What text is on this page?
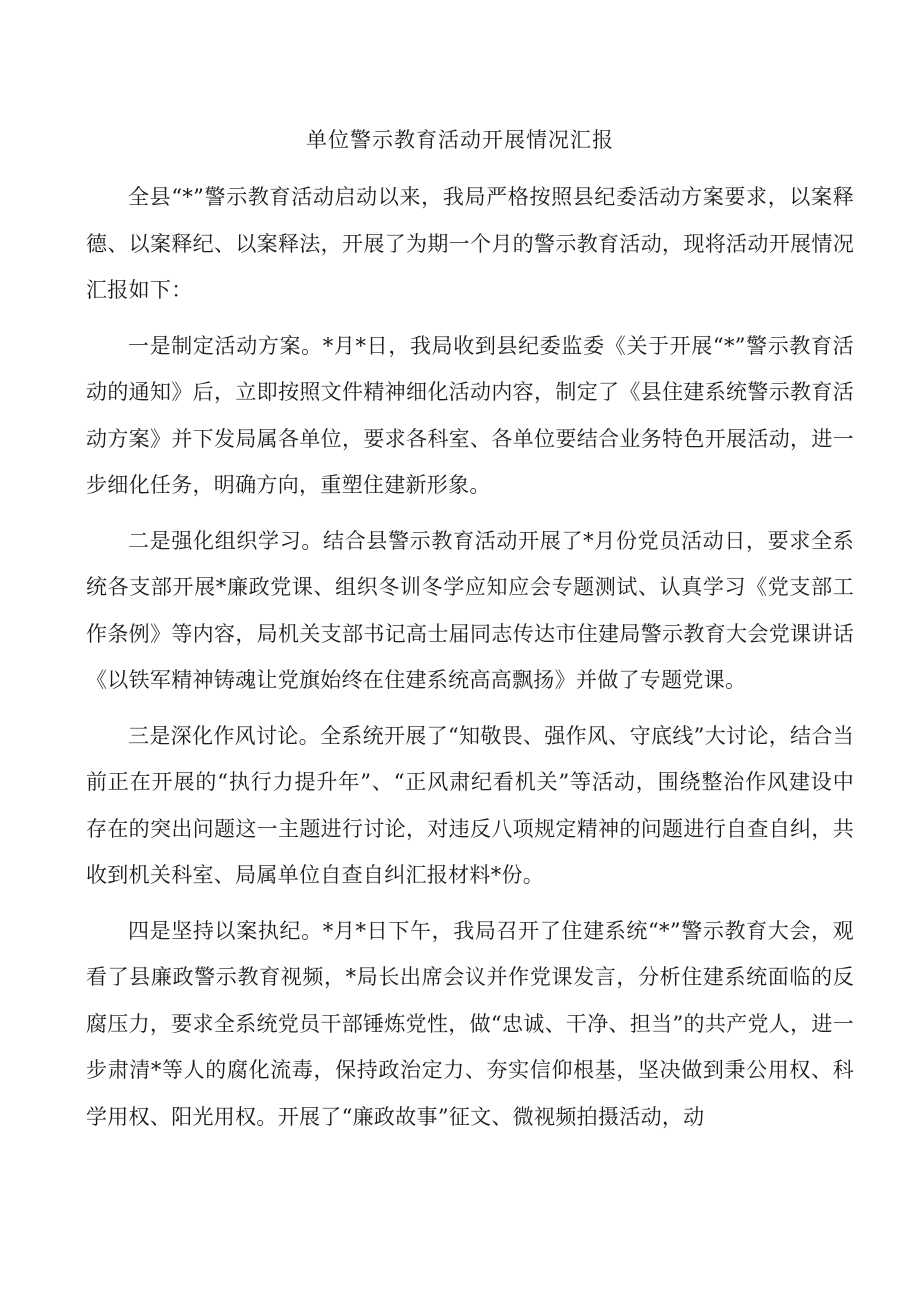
单位警示教育活动开展情况汇报

全县“*”警示教育活动启动以来，我局严格按照县纪委活动方案要求，以案释德、以案释纪、以案释法，开展了为期一个月的警示教育活动，现将活动开展情况汇报如下：

一是制定活动方案。*月*日，我局收到县纪委监委《关于开展“*”警示教育活动的通知》后，立即按照文件精神细化活动内容，制定了《县住建系统警示教育活动方案》并下发局属各单位，要求各科室、各单位要结合业务特色开展活动，进一步细化任务，明确方向，重塑住建新形象。

二是强化组织学习。结合县警示教育活动开展了*月份党员活动日，要求全系统各支部开展*廉政党课、组织冬训冬学应知应会专题测试、认真学习《党支部工作条例》等内容，局机关支部书记高士届同志传达市住建局警示教育大会党课讲话《以铁军精神铸魂让党旗始终在住建系统高高飘扬》并做了专题党课。

三是深化作风讨论。全系统开展了“知敬畏、强作风、守底线”大讨论，结合当前正在开展的“执行力提升年”、“正风肃纪看机关”等活动，围绕整治作风建设中存在的突出问题这一主题进行讨论，对违反八项规定精神的问题进行自查自纠，共收到机关科室、局属单位自查自纠汇报材料*份。

四是坚持以案执纪。*月*日下午，我局召开了住建系统“*”警示教育大会，观看了县廉政警示教育视频，*局长出席会议并作党课发言，分析住建系统面临的反腐压力，要求全系统党员干部锤炼党性，做“忠诚、干净、担当”的共产党人，进一步肃清*等人的腐化流毒，保持政治定力、夯实信仰根基，坚决做到秉公用权、科学用权、阳光用权。开展了“廉政故事”征文、微视频拍摄活动，动
